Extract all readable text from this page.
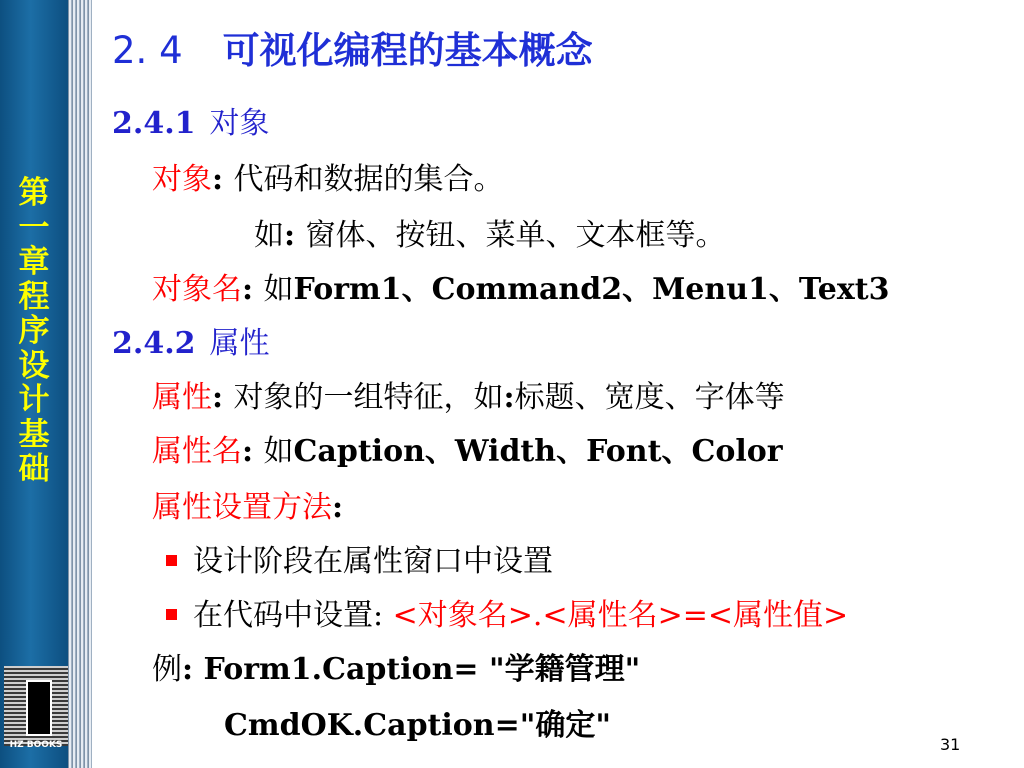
第
一
章
程
序
设
计
基
础
HZ BOOKS
2. 4 可视化编程的基本概念
2.4.1 对象
对象: 代码和数据的集合。
如: 窗体、按钮、菜单、文本框等。
对象名: 如Form1、Command2、Menu1、Text3
2.4.2 属性
属性: 对象的一组特征，如:标题、宽度、字体等
属性名: 如Caption、Width、Font、Color
属性设置方法:
设计阶段在属性窗口中设置
在代码中设置: <对象名>.<属性名>=<属性值>
例: Form1.Caption= "学籍管理"
CmdOK.Caption="确定"
31
